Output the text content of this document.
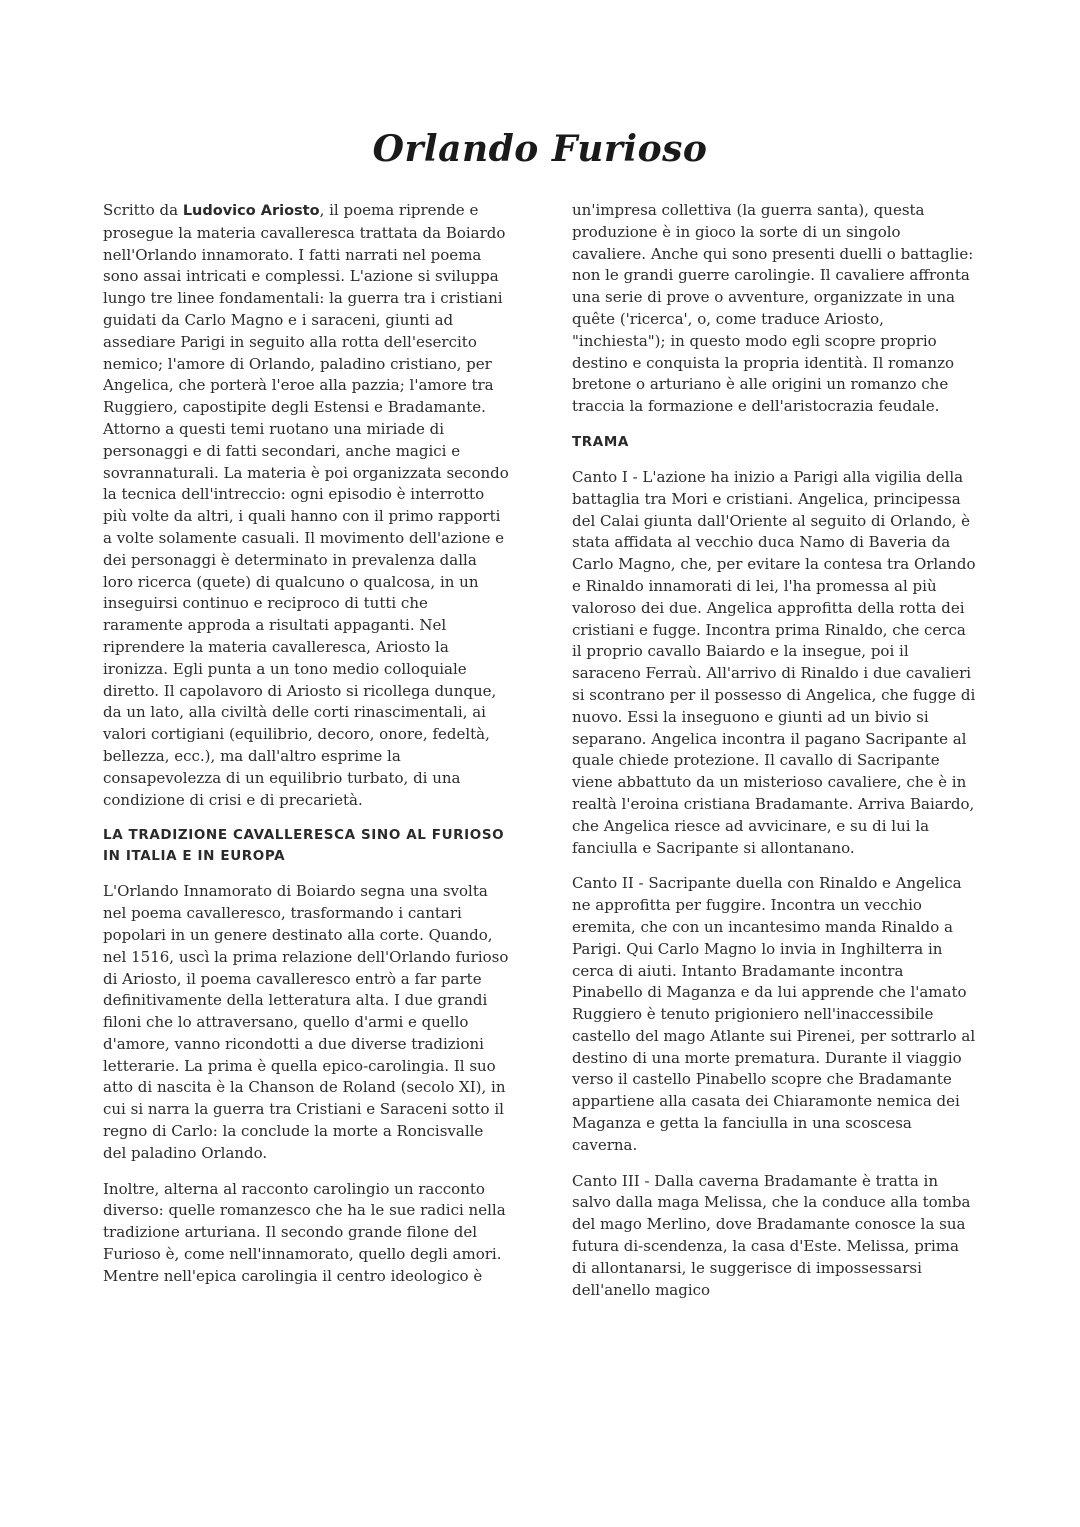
Orlando Furioso

Scritto da Ludovico Ariosto, il poema riprende e prosegue la materia cavalleresca trattata da Boiardo nell'Orlando innamorato. I fatti narrati nel poema sono assai intricati e complessi. L'azione si sviluppa lungo tre linee fondamentali: la guerra tra i cristiani guidati da Carlo Magno e i saraceni, giunti ad assediare Parigi in seguito alla rotta dell'esercito nemico; l'amore di Orlando, paladino cristiano, per Angelica, che porterà l'eroe alla pazzia; l'amore tra Ruggiero, capostipite degli Estensi e Bradamante. Attorno a questi temi ruotano una miriade di personaggi e di fatti secondari, anche magici e sovrannaturali. La materia è poi organizzata secondo la tecnica dell'intreccio: ogni episodio è interrotto più volte da altri, i quali hanno con il primo rapporti a volte solamente casuali. Il movimento dell'azione e dei personaggi è determinato in prevalenza dalla loro ricerca (quete) di qualcuno o qualcosa, in un inseguirsi continuo e reciproco di tutti che raramente approda a risultati appaganti. Nel riprendere la materia cavalleresca, Ariosto la ironizza. Egli punta a un tono medio colloquiale diretto. Il capolavoro di Ariosto si ricollega dunque, da un lato, alla civiltà delle corti rinascimentali, ai valori cortigiani (equilibrio, decoro, onore, fedeltà, bellezza, ecc.), ma dall'altro esprime la consapevolezza di un equilibrio turbato, di una condizione di crisi e di precarietà.

LA TRADIZIONE CAVALLERESCA SINO AL FURIOSO IN ITALIA E IN EUROPA

L'Orlando Innamorato di Boiardo segna una svolta nel poema cavalleresco, trasformando i cantari popolari in un genere destinato alla corte. Quando, nel 1516, uscì la prima relazione dell'Orlando furioso di Ariosto, il poema cavalleresco entrò a far parte definitivamente della letteratura alta. I due grandi filoni che lo attraversano, quello d'armi e quello d'amore, vanno ricondotti a due diverse tradizioni letterarie. La prima è quella epico-carolingia. Il suo atto di nascita è la Chanson de Roland (secolo XI), in cui si narra la guerra tra Cristiani e Saraceni sotto il regno di Carlo: la conclude la morte a Roncisvalle del paladino Orlando.

Inoltre, alterna al racconto carolingio un racconto diverso: quelle romanzesco che ha le sue radici nella tradizione arturiana. Il secondo grande filone del Furioso è, come nell'innamorato, quello degli amori. Mentre nell'epica carolingia il centro ideologico è

un'impresa collettiva (la guerra santa), questa produzione è in gioco la sorte di un singolo cavaliere. Anche qui sono presenti duelli o battaglie: non le grandi guerre carolingie. Il cavaliere affronta una serie di prove o avventure, organizzate in una quête ('ricerca', o, come traduce Ariosto, "inchiesta"); in questo modo egli scopre proprio destino e conquista la propria identità. Il romanzo bretone o arturiano è alle origini un romanzo che traccia la formazione e dell'aristocrazia feudale.

TRAMA

Canto I - L'azione ha inizio a Parigi alla vigilia della battaglia tra Mori e cristiani. Angelica, principessa del Calai giunta dall'Oriente al seguito di Orlando, è stata affidata al vecchio duca Namo di Baveria da Carlo Magno, che, per evitare la contesa tra Orlando e Rinaldo innamorati di lei, l'ha promessa al più valoroso dei due. Angelica approfitta della rotta dei cristiani e fugge. Incontra prima Rinaldo, che cerca il proprio cavallo Baiardo e la insegue, poi il saraceno Ferraù. All'arrivo di Rinaldo i due cavalieri si scontrano per il possesso di Angelica, che fugge di nuovo. Essi la inseguono e giunti ad un bivio si separano. Angelica incontra il pagano Sacripante al quale chiede protezione. Il cavallo di Sacripante viene abbattuto da un misterioso cavaliere, che è in realtà l'eroina cristiana Bradamante. Arriva Baiardo, che Angelica riesce ad avvicinare, e su di lui la fanciulla e Sacripante si allontanano.

Canto II - Sacripante duella con Rinaldo e Angelica ne approfitta per fuggire. Incontra un vecchio eremita, che con un incantesimo manda Rinaldo a Parigi. Qui Carlo Magno lo invia in Inghilterra in cerca di aiuti. Intanto Bradamante incontra Pinabello di Maganza e da lui apprende che l'amato Ruggiero è tenuto prigioniero nell'inaccessibile castello del mago Atlante sui Pirenei, per sottrarlo al destino di una morte prematura. Durante il viaggio verso il castello Pinabello scopre che Bradamante appartiene alla casata dei Chiaramonte nemica dei Maganza e getta la fanciulla in una scoscesa caverna.

Canto III - Dalla caverna Bradamante è tratta in salvo dalla maga Melissa, che la conduce alla tomba del mago Merlino, dove Bradamante conosce la sua futura di-scendenza, la casa d'Este. Melissa, prima di allontanarsi, le suggerisce di impossessarsi dell'anello magico
